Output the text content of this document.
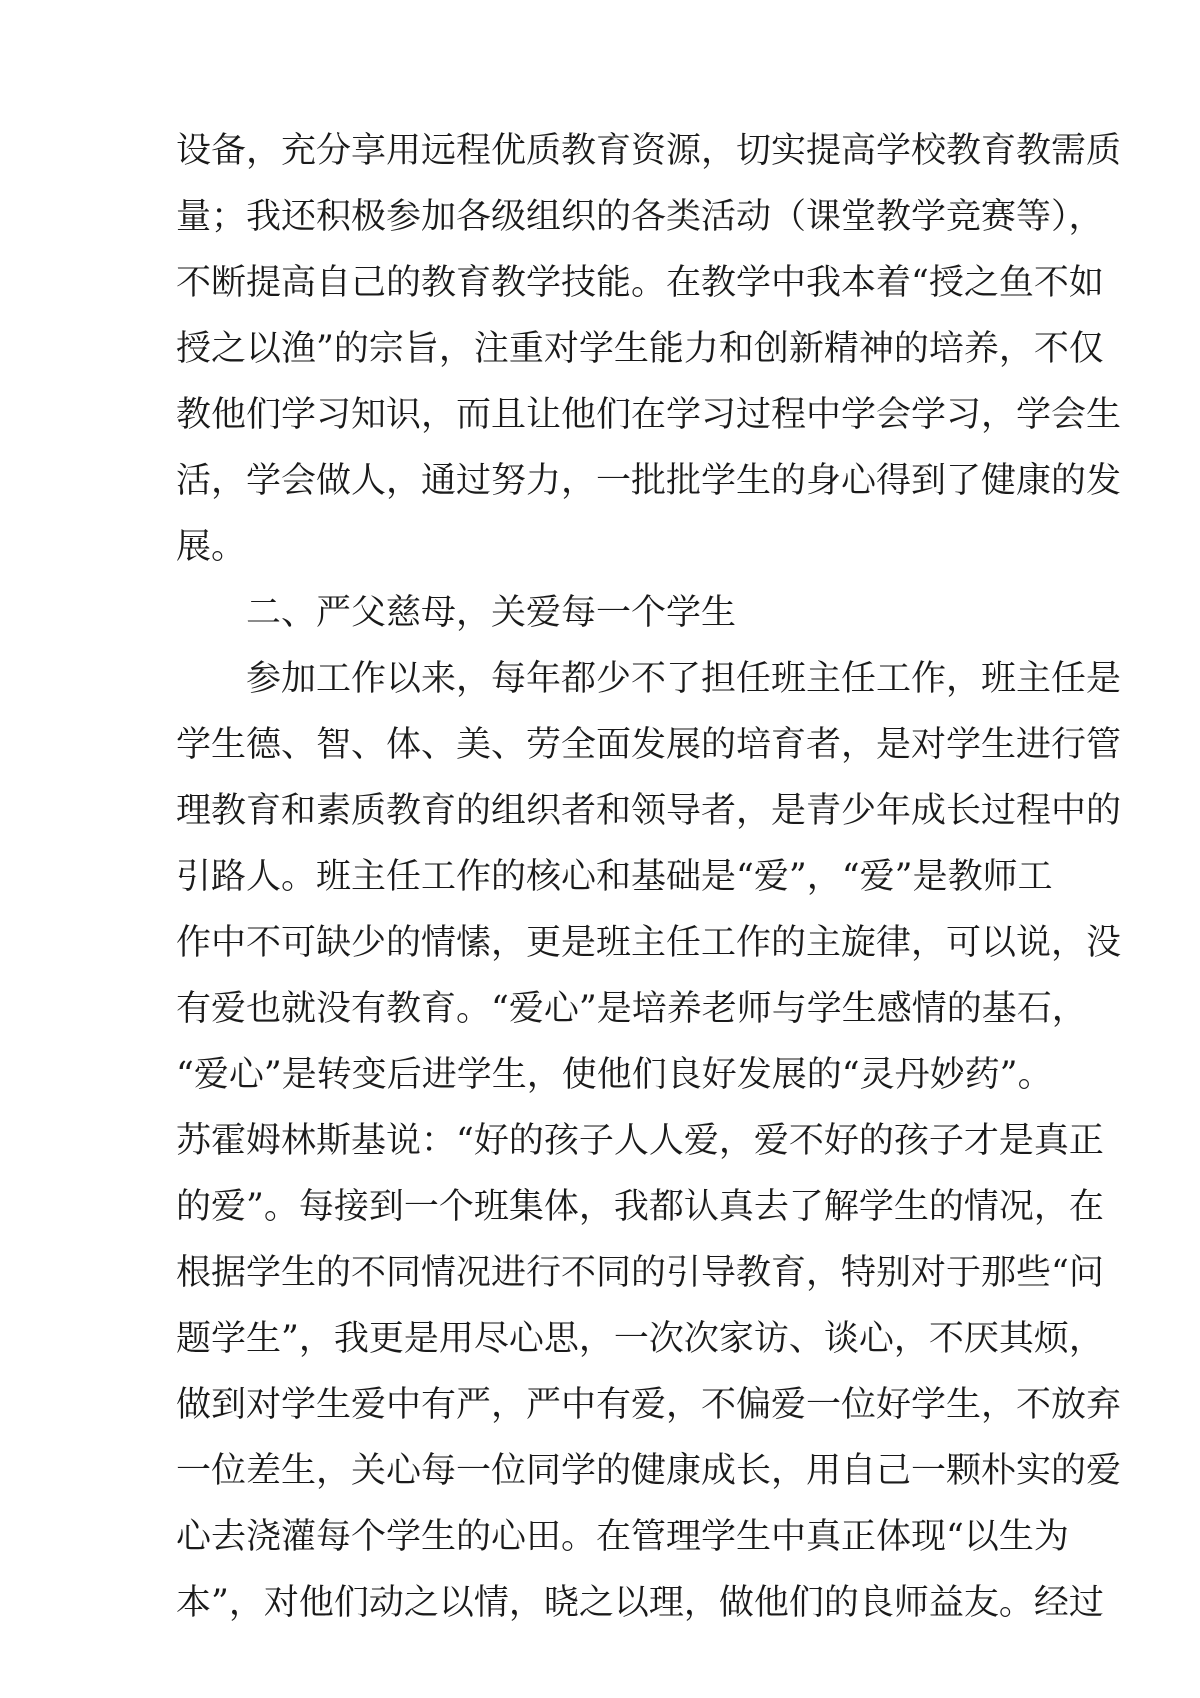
设备，充分享用远程优质教育资源，切实提高学校教育教需质
量；我还积极参加各级组织的各类活动（课堂教学竞赛等），
不断提高自己的教育教学技能。在教学中我本着“授之鱼不如
授之以渔”的宗旨，注重对学生能力和创新精神的培养，不仅
教他们学习知识，而且让他们在学习过程中学会学习，学会生
活，学会做人，通过努力，一批批学生的身心得到了健康的发
展。
二、严父慈母，关爱每一个学生
参加工作以来，每年都少不了担任班主任工作，班主任是
学生德、智、体、美、劳全面发展的培育者，是对学生进行管
理教育和素质教育的组织者和领导者，是青少年成长过程中的
引路人。班主任工作的核心和基础是“爱”，“爱”是教师工
作中不可缺少的情愫，更是班主任工作的主旋律，可以说，没
有爱也就没有教育。“爱心”是培养老师与学生感情的基石，
“爱心”是转变后进学生，使他们良好发展的“灵丹妙药”。
苏霍姆林斯基说：“好的孩子人人爱，爱不好的孩子才是真正
的爱”。每接到一个班集体，我都认真去了解学生的情况，在
根据学生的不同情况进行不同的引导教育，特别对于那些“问
题学生”，我更是用尽心思，一次次家访、谈心，不厌其烦，
做到对学生爱中有严，严中有爱，不偏爱一位好学生，不放弃
一位差生，关心每一位同学的健康成长，用自己一颗朴实的爱
心去浇灌每个学生的心田。在管理学生中真正体现“以生为
本”，对他们动之以情，晓之以理，做他们的良师益友。经过
